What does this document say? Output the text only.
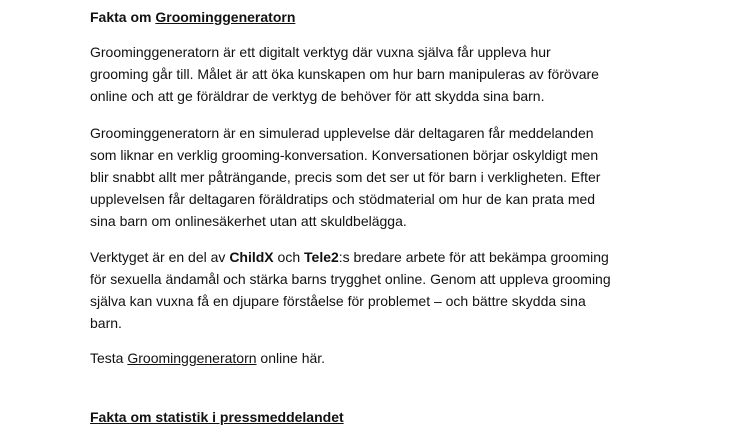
Fakta om Groominggeneratorn

Groominggeneratorn är ett digitalt verktyg där vuxna själva får uppleva hur
grooming går till. Målet är att öka kunskapen om hur barn manipuleras av förövare
online och att ge föräldrar de verktyg de behöver för att skydda sina barn.

Groominggeneratorn är en simulerad upplevelse där deltagaren får meddelanden
som liknar en verklig grooming-konversation. Konversationen börjar oskyldigt men
blir snabbt allt mer påträngande, precis som det ser ut för barn i verkligheten. Efter
upplevelsen får deltagaren föräldratips och stödmaterial om hur de kan prata med
sina barn om onlinesäkerhet utan att skuldbelägga.

Verktyget är en del av ChildX och Tele2:s bredare arbete för att bekämpa grooming
för sexuella ändamål och stärka barns trygghet online. Genom att uppleva grooming
själva kan vuxna få en djupare förståelse för problemet – och bättre skydda sina
barn.

Testa Groominggeneratorn online här.

Fakta om statistik i pressmeddelandet
